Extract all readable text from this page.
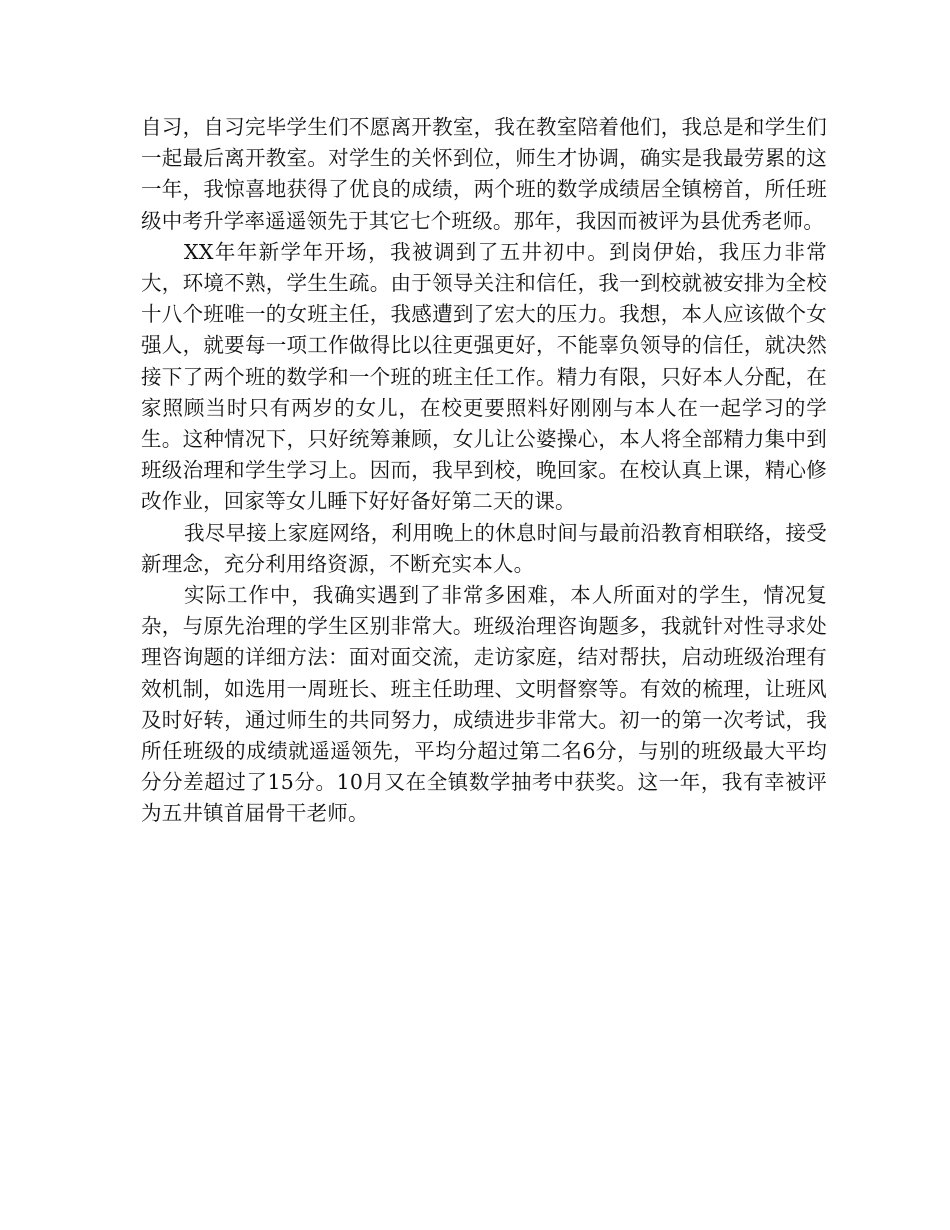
自习，自习完毕学生们不愿离开教室，我在教室陪着他们，我总是和学生们一起最后离开教室。对学生的关怀到位，师生才协调，确实是我最劳累的这一年，我惊喜地获得了优良的成绩，两个班的数学成绩居全镇榜首，所任班级中考升学率遥遥领先于其它七个班级。那年，我因而被评为县优秀老师。

XX年年新学年开场，我被调到了五井初中。到岗伊始，我压力非常大，环境不熟，学生生疏。由于领导关注和信任，我一到校就被安排为全校十八个班唯一的女班主任，我感遭到了宏大的压力。我想，本人应该做个女强人，就要每一项工作做得比以往更强更好，不能辜负领导的信任，就决然接下了两个班的数学和一个班的班主任工作。精力有限，只好本人分配，在家照顾当时只有两岁的女儿，在校更要照料好刚刚与本人在一起学习的学生。这种情况下，只好统筹兼顾，女儿让公婆操心，本人将全部精力集中到班级治理和学生学习上。因而，我早到校，晚回家。在校认真上课，精心修改作业，回家等女儿睡下好好备好第二天的课。

我尽早接上家庭网络，利用晚上的休息时间与最前沿教育相联络，接受新理念，充分利用络资源，不断充实本人。

实际工作中，我确实遇到了非常多困难，本人所面对的学生，情况复杂，与原先治理的学生区别非常大。班级治理咨询题多，我就针对性寻求处理咨询题的详细方法：面对面交流，走访家庭，结对帮扶，启动班级治理有效机制，如选用一周班长、班主任助理、文明督察等。有效的梳理，让班风及时好转，通过师生的共同努力，成绩进步非常大。初一的第一次考试，我所任班级的成绩就遥遥领先，平均分超过第二名6分，与别的班级最大平均分分差超过了15分。10月又在全镇数学抽考中获奖。这一年，我有幸被评为五井镇首届骨干老师。
